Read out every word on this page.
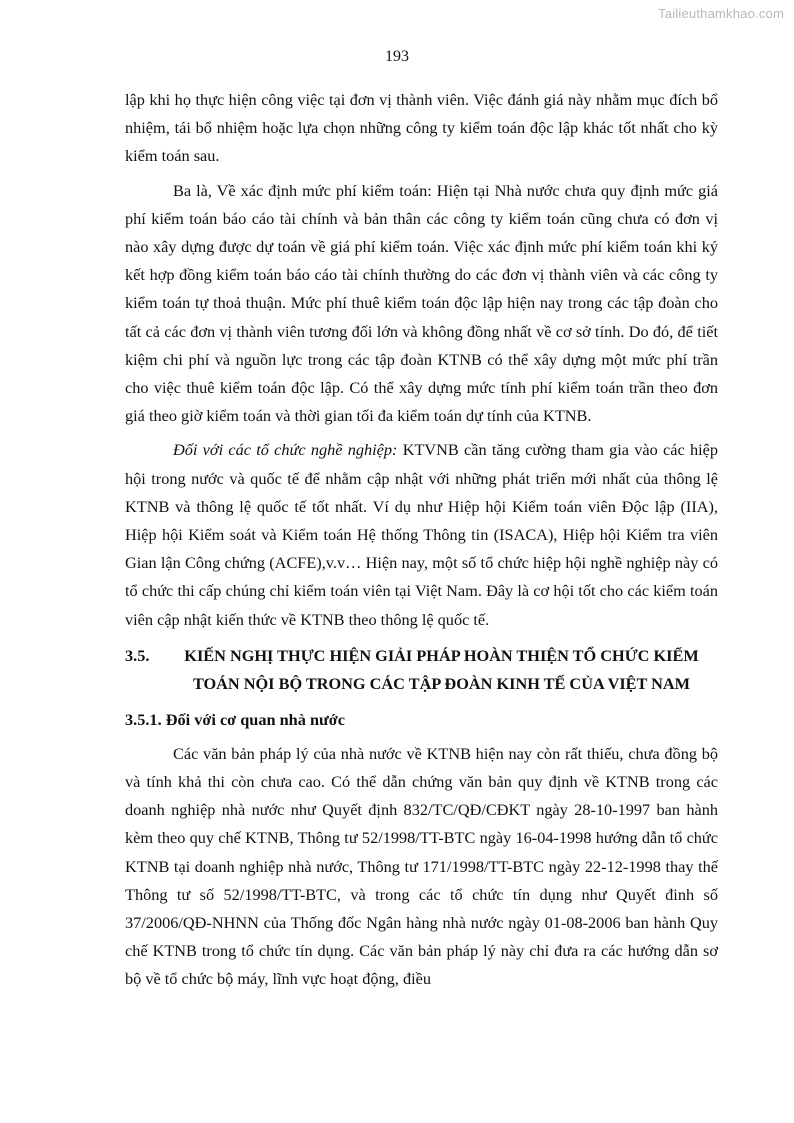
Tailieuthamkhao.com
193

lập khi họ thực hiện công việc tại đơn vị thành viên. Việc đánh giá này nhằm mục đích bổ nhiệm, tái bổ nhiệm hoặc lựa chọn những công ty kiểm toán độc lập khác tốt nhất cho kỳ kiểm toán sau.

Ba là, Về xác định mức phí kiểm toán: Hiện tại Nhà nước chưa quy định mức giá phí kiểm toán báo cáo tài chính và bản thân các công ty kiểm toán cũng chưa có đơn vị nào xây dựng được dự toán về giá phí kiểm toán. Việc xác định mức phí kiểm toán khi ký kết hợp đồng kiểm toán báo cáo tài chính thường do các đơn vị thành viên và các công ty kiểm toán tự thoả thuận. Mức phí thuê kiểm toán độc lập hiện nay trong các tập đoàn cho tất cả các đơn vị thành viên tương đối lớn và không đồng nhất về cơ sở tính. Do đó, để tiết kiệm chi phí và nguồn lực trong các tập đoàn KTNB có thể xây dựng một mức phí trần cho việc thuê kiểm toán độc lập. Có thể xây dựng mức tính phí kiểm toán trần theo đơn giá theo giờ kiểm toán và thời gian tối đa kiểm toán dự tính của KTNB.

Đối với các tổ chức nghề nghiệp: KTVNB cần tăng cường tham gia vào các hiệp hội trong nước và quốc tế để nhằm cập nhật với những phát triển mới nhất của thông lệ KTNB và thông lệ quốc tế tốt nhất. Ví dụ như Hiệp hội Kiểm toán viên Độc lập (IIA), Hiệp hội Kiểm soát và Kiểm toán Hệ thống Thông tin (ISACA), Hiệp hội Kiểm tra viên Gian lận Công chứng (ACFE),v.v… Hiện nay, một số tổ chức hiệp hội nghề nghiệp này có tổ chức thi cấp chúng chỉ kiểm toán viên tại Việt Nam. Đây là cơ hội tốt cho các kiểm toán viên cập nhật kiến thức về KTNB theo thông lệ quốc tế.

3.5.	KIẾN NGHỊ THỰC HIỆN GIẢI PHÁP HOÀN THIỆN TỔ CHỨC KIỂM
TOÁN NỘI BỘ TRONG CÁC TẬP ĐOÀN KINH TẾ CỦA VIỆT NAM
3.5.1. Đối với cơ quan nhà nước

Các văn bản pháp lý của nhà nước về KTNB hiện nay còn rất thiếu, chưa đồng bộ và tính khả thi còn chưa cao. Có thể dẫn chứng văn bản quy định về KTNB trong các doanh nghiệp nhà nước như Quyết định 832/TC/QĐ/CĐKT ngày 28-10-1997 ban hành kèm theo quy chế KTNB, Thông tư 52/1998/TT-BTC ngày 16-04-1998 hướng dẫn tổ chức KTNB tại doanh nghiệp nhà nước, Thông tư 171/1998/TT-BTC ngày 22-12-1998 thay thế Thông tư số 52/1998/TT-BTC, và trong các tổ chức tín dụng như Quyết đinh số 37/2006/QĐ-NHNN của Thống đốc Ngân hàng nhà nước ngày 01-08-2006 ban hành Quy chế KTNB trong tổ chức tín dụng. Các văn bản pháp lý này chỉ đưa ra các hướng dẫn sơ bộ về tổ chức bộ máy, lĩnh vực hoạt động, điều
